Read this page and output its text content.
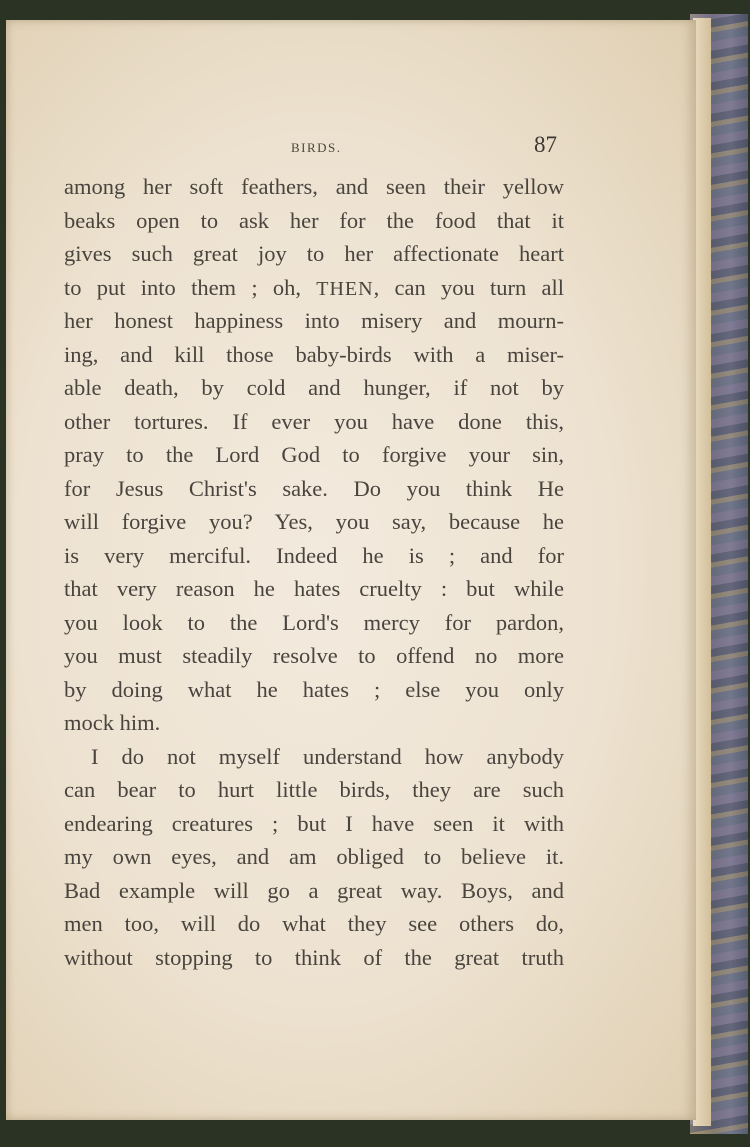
BIRDS.	87
among her soft feathers, and seen their yellow
beaks open to ask her for the food that it
gives such great joy to her affectionate heart
to put into them ; oh, THEN, can you turn all
her honest happiness into misery and mourn-
ing, and kill those baby-birds with a miser-
able death, by cold and hunger, if not by
other tortures. If ever you have done this,
pray to the Lord God to forgive your sin,
for Jesus Christ's sake. Do you think He
will forgive you? Yes, you say, because he
is very merciful. Indeed he is ; and for
that very reason he hates cruelty : but while
you look to the Lord's mercy for pardon,
you must steadily resolve to offend no more
by doing what he hates ; else you only
mock him.
I do not myself understand how anybody
can bear to hurt little birds, they are such
endearing creatures ; but I have seen it with
my own eyes, and am obliged to believe it.
Bad example will go a great way. Boys, and
men too, will do what they see others do,
without stopping to think of the great truth
